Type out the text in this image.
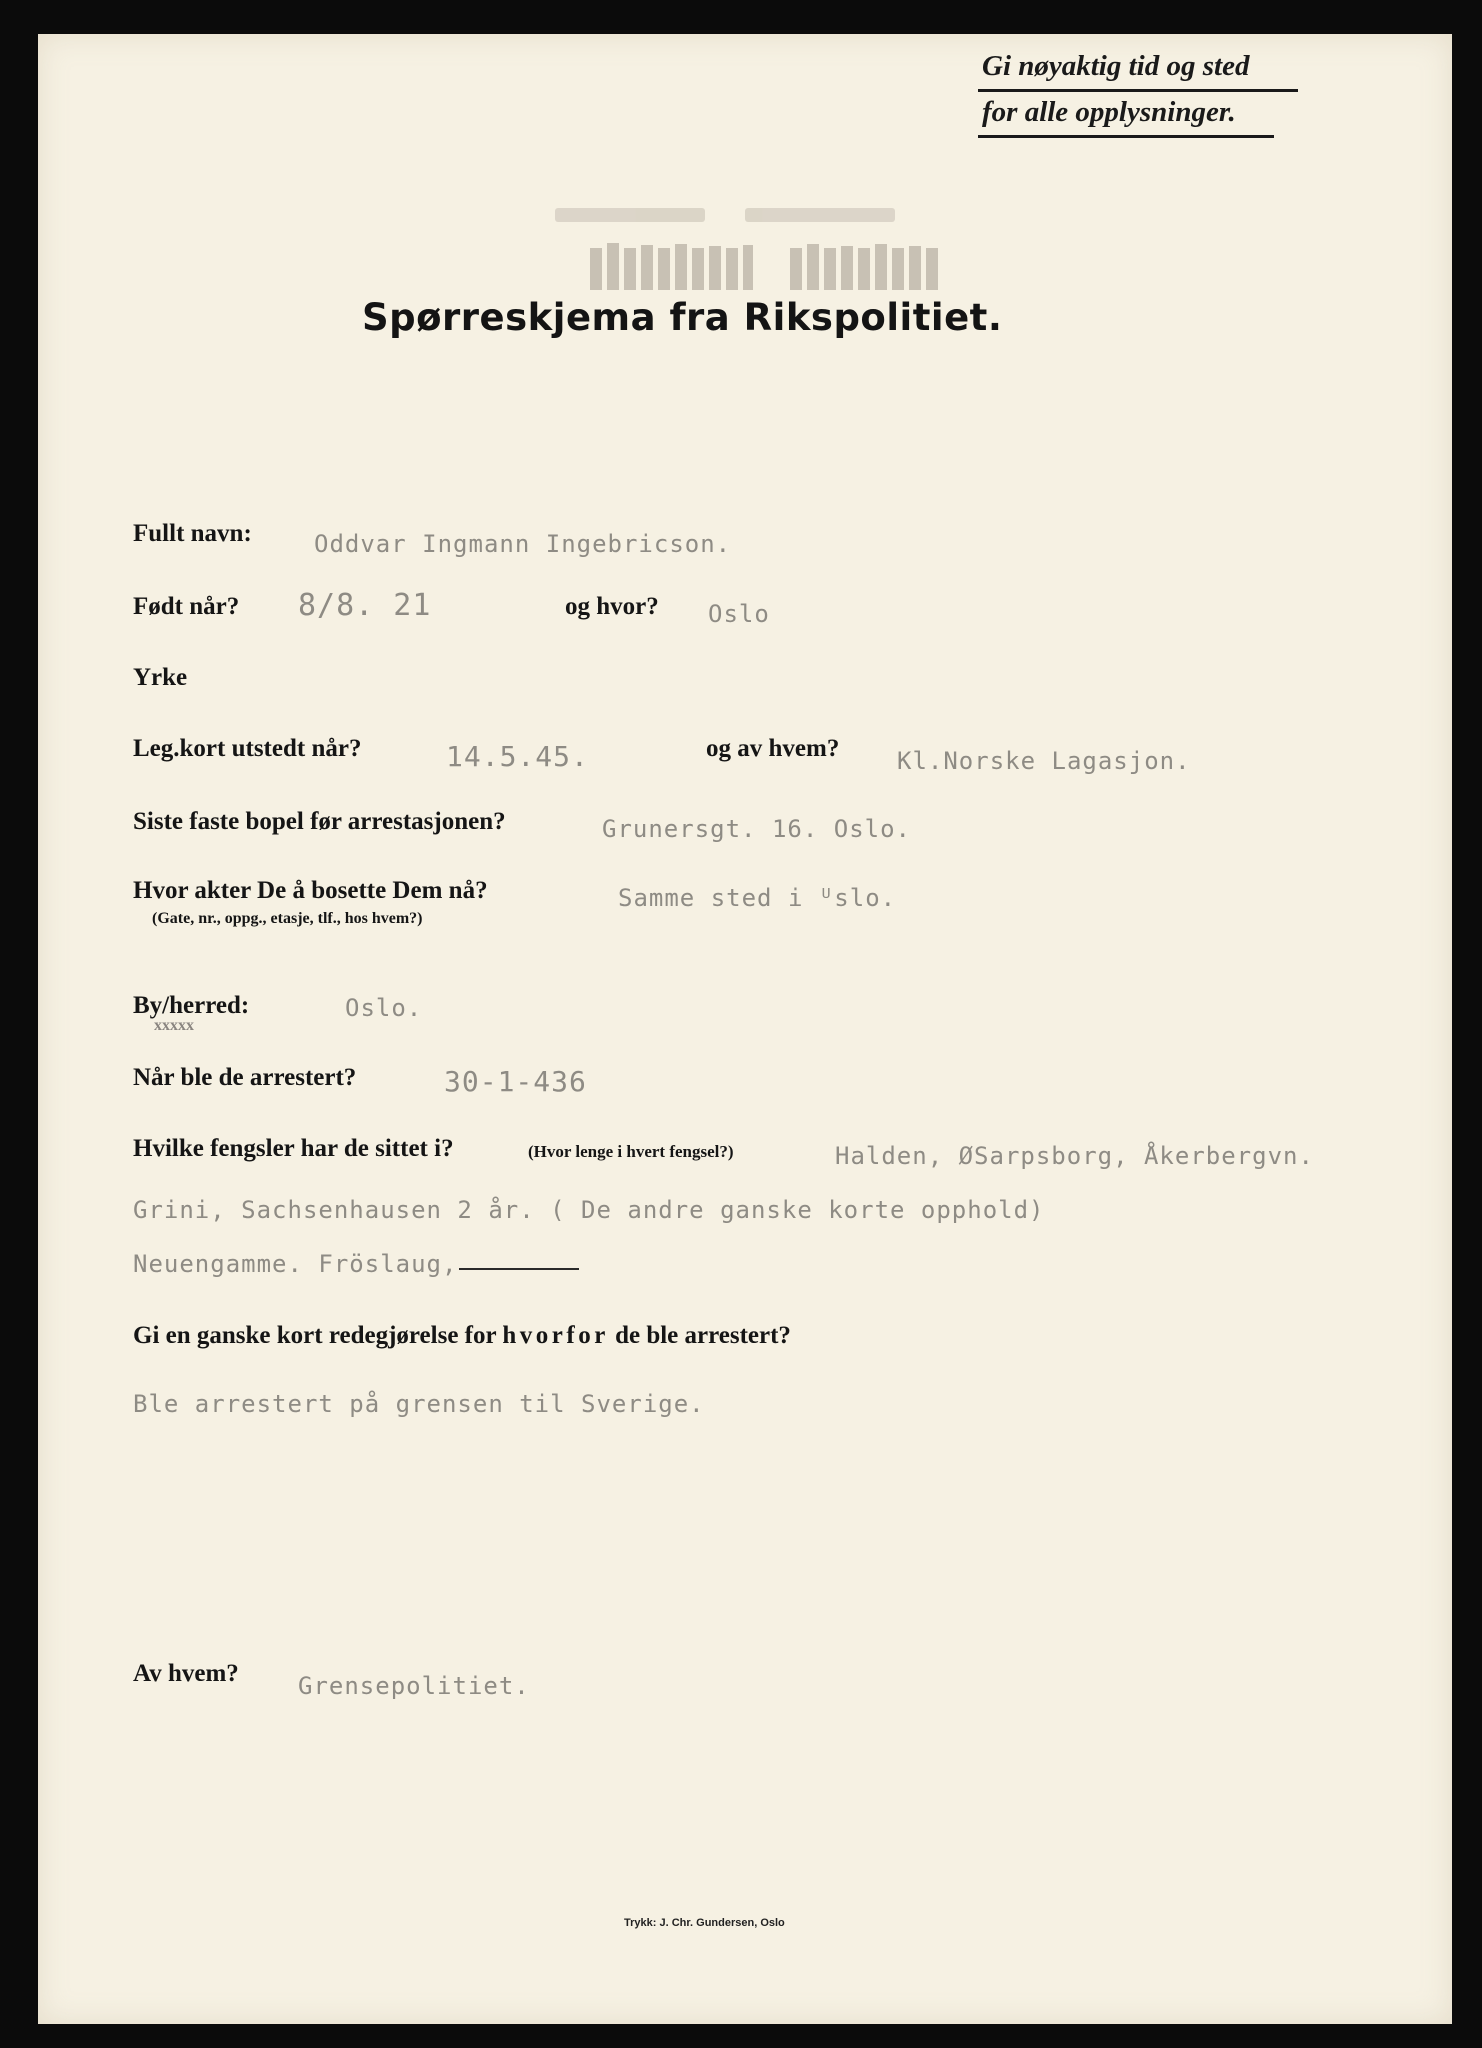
Gi nøyaktig tid og sted
for alle opplysninger.
Spørreskjema fra Rikspolitiet.
Fullt navn:	Oddvar Ingmann Ingebricson.
Født når? 8/8. 21	og hvor? Oslo
Yrke
Leg.kort utstedt når?	14.5.45.	og av hvem? Kl.Norske Lagasjon.
Siste faste bopel før arrestasjonen?	Grunersgt. 16. Oslo.
Hvor akter De å bosette Dem nå?
(Gate, nr., oppg., etasje, tlf., hos hvem?)
Samme sted i ᵁslo.
By/herred:
xxxxx
Oslo.
Når ble de arrestert?	30-1-436
Hvilke fengsler har de sittet i?	(Hvor lenge i hvert fengsel?)	Halden, ØSarpsborg, Åkerbergvn.
Grini, Sachsenhausen 2 år. ( De andre ganske korte opphold)
Neuengamme. Fröslaug,
Gi en ganske kort redegjørelse for hvorfor de ble arrestert?
Ble arrestert på grensen til Sverige.
Av hvem? Grensepolitiet.
Trykk: J. Chr. Gundersen, Oslo
